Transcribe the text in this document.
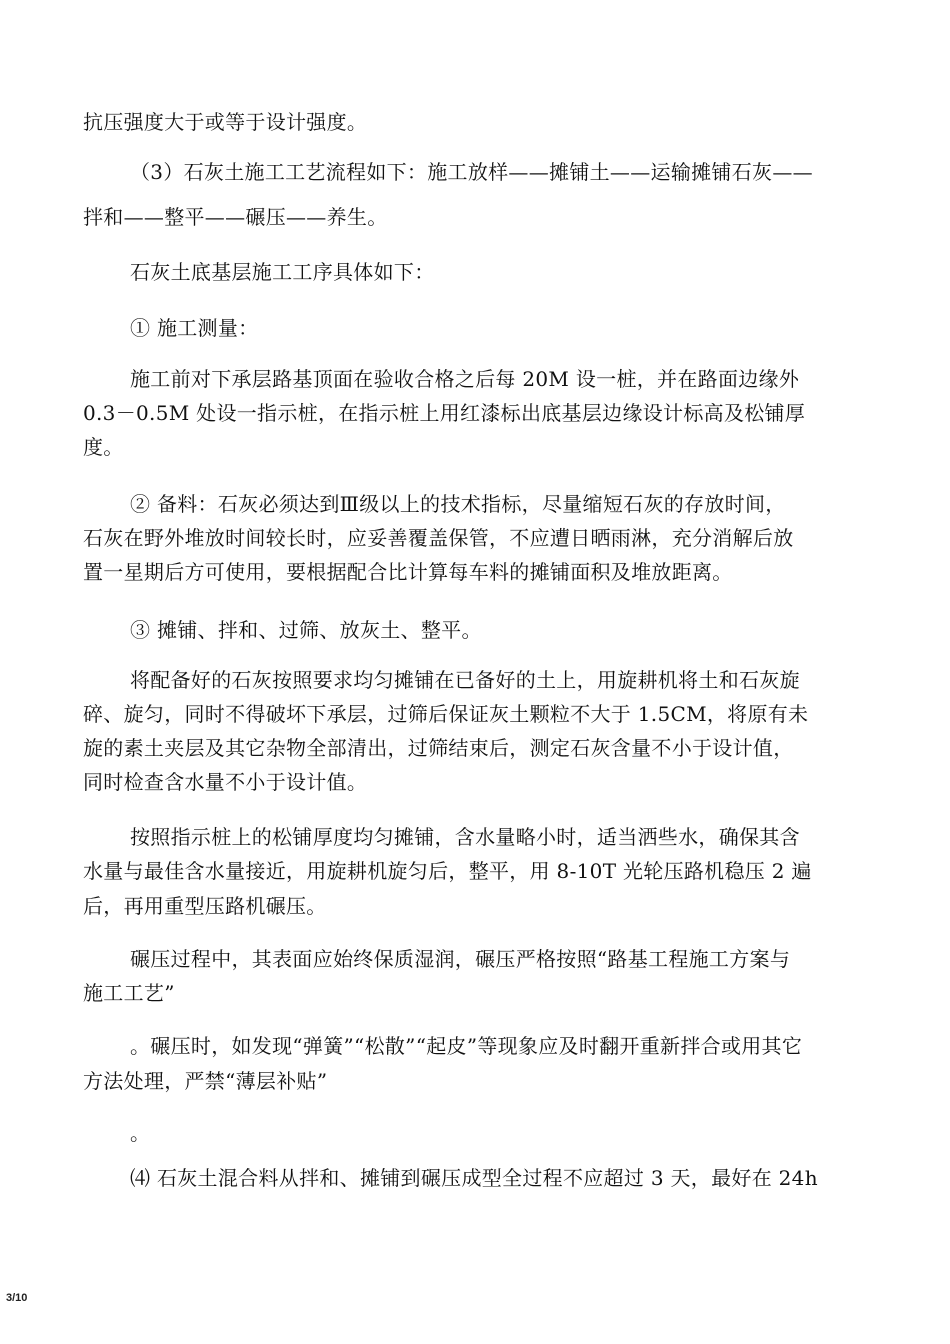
抗压强度大于或等于设计强度。
（3）石灰土施工工艺流程如下：施工放样——摊铺土——运输摊铺石灰——
拌和——整平——碾压——养生。
石灰土底基层施工工序具体如下：
① 施工测量：
施工前对下承层路基顶面在验收合格之后每 20M 设一桩，并在路面边缘外
0.3－0.5M 处设一指示桩，在指示桩上用红漆标出底基层边缘设计标高及松铺厚
度。
② 备料：石灰必须达到Ⅲ级以上的技术指标，尽量缩短石灰的存放时间，
石灰在野外堆放时间较长时，应妥善覆盖保管，不应遭日晒雨淋，充分消解后放
置一星期后方可使用，要根据配合比计算每车料的摊铺面积及堆放距离。
③ 摊铺、拌和、过筛、放灰土、整平。
将配备好的石灰按照要求均匀摊铺在已备好的土上，用旋耕机将土和石灰旋
碎、旋匀，同时不得破坏下承层，过筛后保证灰土颗粒不大于 1.5CM，将原有未
旋的素土夹层及其它杂物全部清出，过筛结束后，测定石灰含量不小于设计值，
同时检查含水量不小于设计值。
按照指示桩上的松铺厚度均匀摊铺，含水量略小时，适当洒些水，确保其含
水量与最佳含水量接近，用旋耕机旋匀后，整平，用 8-10T 光轮压路机稳压 2 遍
后，再用重型压路机碾压。
碾压过程中，其表面应始终保质湿润，碾压严格按照“路基工程施工方案与
施工工艺”
。碾压时，如发现“弹簧”“松散”“起皮”等现象应及时翻开重新拌合或用其它
方法处理，严禁“薄层补贴”
。
⑷ 石灰土混合料从拌和、摊铺到碾压成型全过程不应超过 3 天，最好在 24h
3/10
